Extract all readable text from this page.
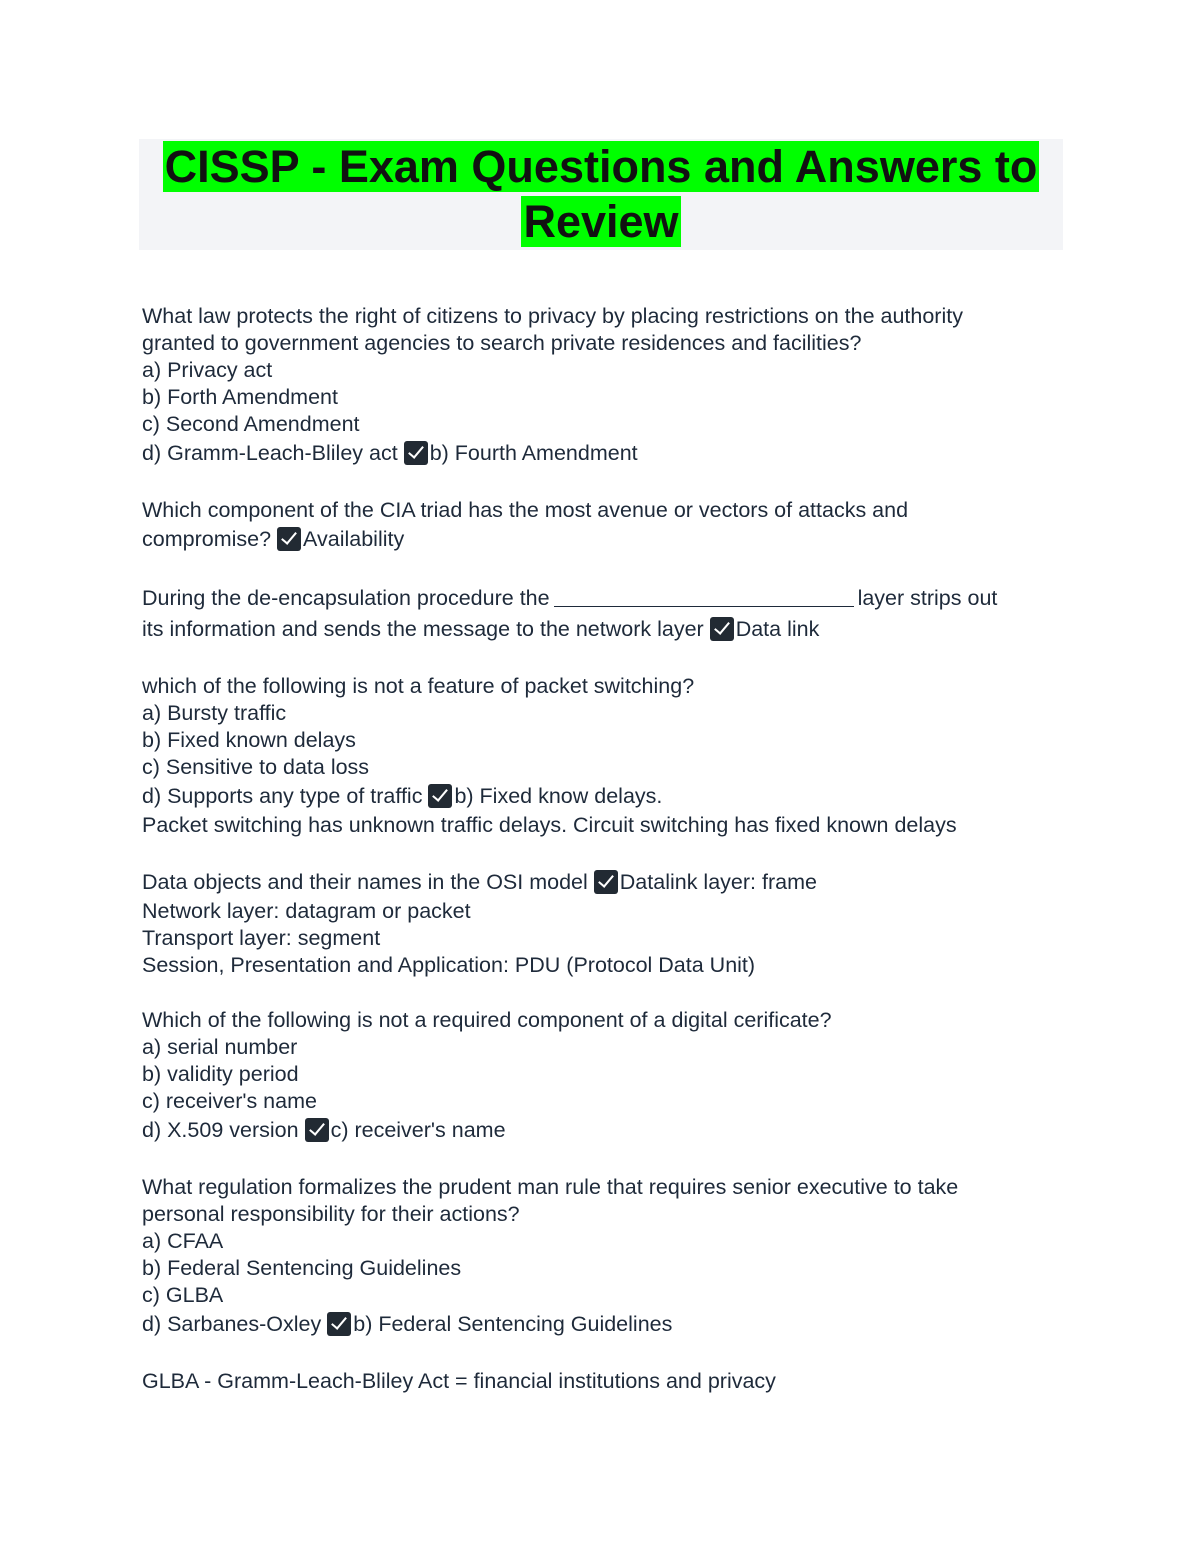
CISSP - Exam Questions and Answers to
Review
What law protects the right of citizens to privacy by placing restrictions on the authority
granted to government agencies to search private residences and facilities?
a) Privacy act
b) Forth Amendment
c) Second Amendment
d) Gramm-Leach-Bliley act b) Fourth Amendment
Which component of the CIA triad has the most avenue or vectors of attacks and
compromise? Availability
During the de-encapsulation procedure the	layer strips out
its information and sends the message to the network layer Data link
which of the following is not a feature of packet switching?
a) Bursty traffic
b) Fixed known delays
c) Sensitive to data loss
d) Supports any type of traffic b) Fixed know delays.
Packet switching has unknown traffic delays. Circuit switching has fixed known delays
Data objects and their names in the OSI model Datalink layer: frame
Network layer: datagram or packet
Transport layer: segment
Session, Presentation and Application: PDU (Protocol Data Unit)
Which of the following is not a required component of a digital cerificate?
a) serial number
b) validity period
c) receiver's name
d) X.509 version c) receiver's name
What regulation formalizes the prudent man rule that requires senior executive to take
personal responsibility for their actions?
a) CFAA
b) Federal Sentencing Guidelines
c) GLBA
d) Sarbanes-Oxley b) Federal Sentencing Guidelines
GLBA - Gramm-Leach-Bliley Act = financial institutions and privacy
